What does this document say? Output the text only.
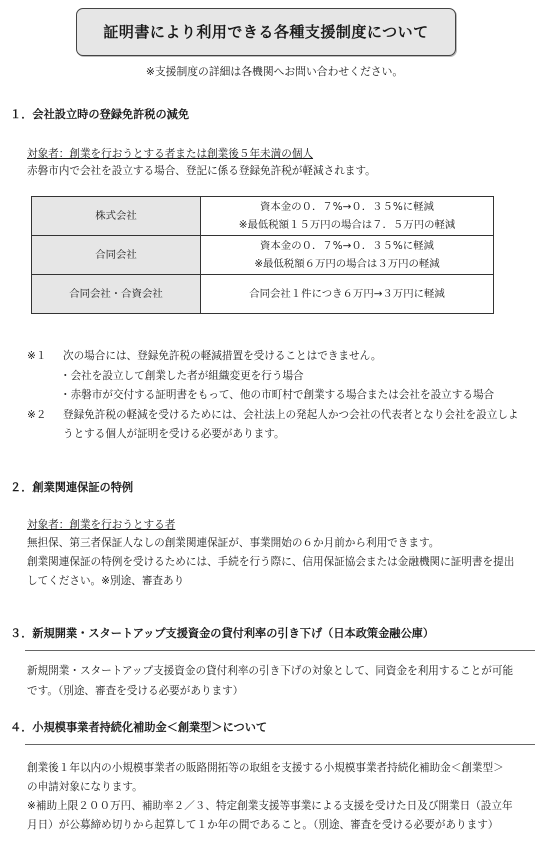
証明書により利用できる各種支援制度について
※支援制度の詳細は各機関へお問い合わせください。
１．会社設立時の登録免許税の減免
対象者：創業を行おうとする者または創業後５年未満の個人
赤磐市内で会社を設立する場合、登記に係る登録免許税が軽減されます。
株式会社	資本金の０．７%→０．３５%に軽減
※最低税額１５万円の場合は７．５万円の軽減

合同会社	資本金の０．７%→０．３５%に軽減
※最低税額６万円の場合は３万円の軽減

合同会社・合資会社	合同会社１件につき６万円→３万円に軽減
※１ 次の場合には、登録免許税の軽減措置を受けることはできません。
・会社を設立して創業した者が組織変更を行う場合
・赤磐市が交付する証明書をもって、他の市町村で創業する場合または会社を設立する場合
※２ 登録免許税の軽減を受けるためには、会社法上の発起人かつ会社の代表者となり会社を設立しよ
うとする個人が証明を受ける必要があります。
２．創業関連保証の特例
対象者：創業を行おうとする者
無担保、第三者保証人なしの創業関連保証が、事業開始の６か月前から利用できます。
創業関連保証の特例を受けるためには、手続を行う際に、信用保証協会または金融機関に証明書を提出
してください。※別途、審査あり
３．新規開業・スタートアップ支援資金の貸付利率の引き下げ（日本政策金融公庫）
新規開業・スタートアップ支援資金の貸付利率の引き下げの対象として、同資金を利用することが可能
です。（別途、審査を受ける必要があります）
４．小規模事業者持続化補助金＜創業型＞について
創業後１年以内の小規模事業者の販路開拓等の取組を支援する小規模事業者持続化補助金＜創業型＞
の申請対象になります。
※補助上限２００万円、補助率２／３、特定創業支援等事業による支援を受けた日及び開業日（設立年
月日）が公募締め切りから起算して１か年の間であること。（別途、審査を受ける必要があります）
